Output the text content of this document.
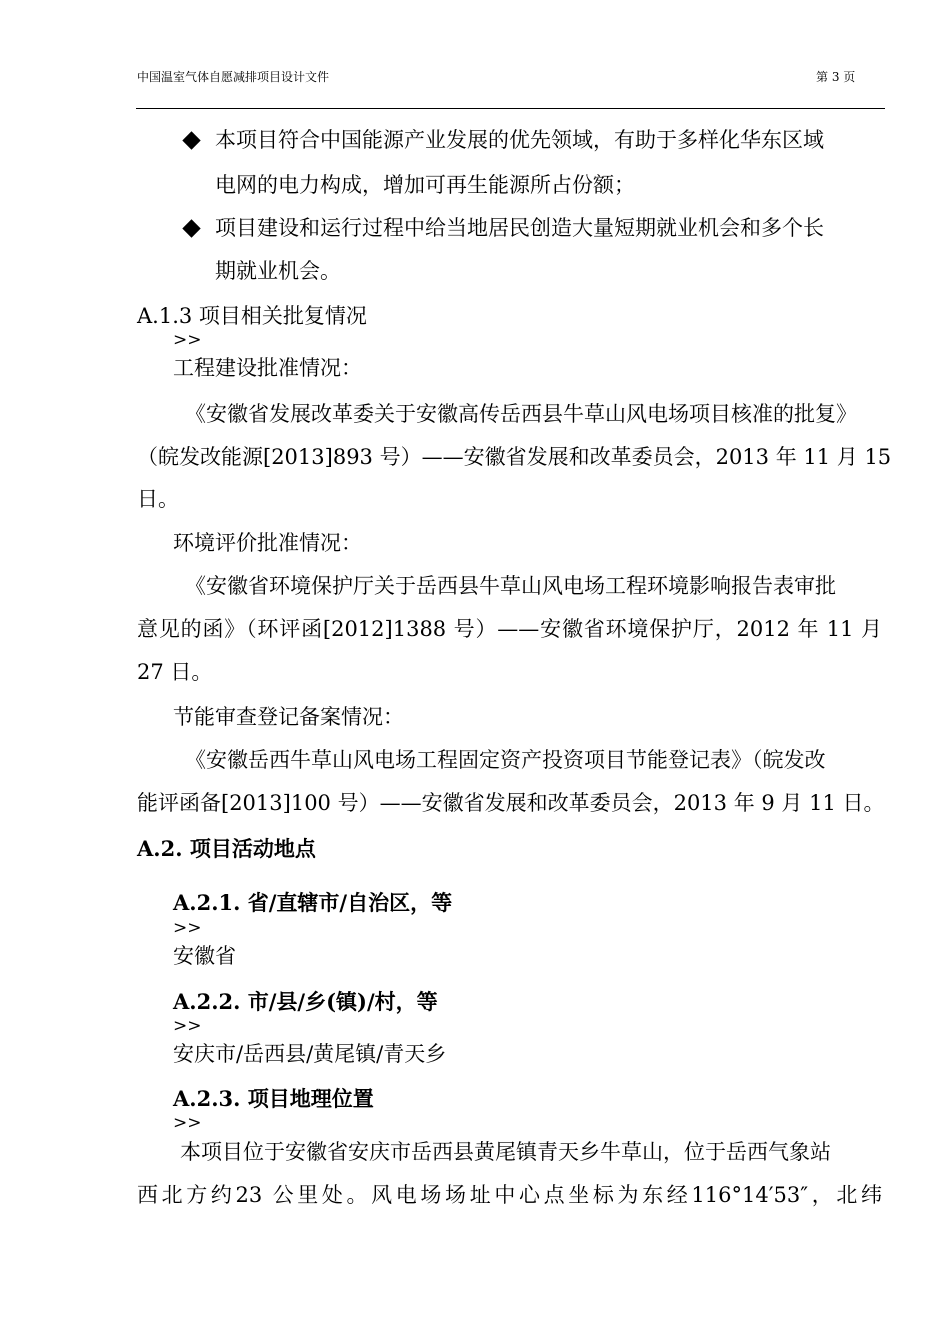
中国温室气体自愿减排项目设计文件	第 3 页
本项目符合中国能源产业发展的优先领域，有助于多样化华东区域
电网的电力构成，增加可再生能源所占份额；
项目建设和运行过程中给当地居民创造大量短期就业机会和多个长
期就业机会。
A.1.3 项目相关批复情况
>>
工程建设批准情况：
《安徽省发展改革委关于安徽高传岳西县牛草山风电场项目核准的批复》
（皖发改能源[2013]893 号）——安徽省发展和改革委员会，2013 年 11 月 15
日。
环境评价批准情况：
《安徽省环境保护厅关于岳西县牛草山风电场工程环境影响报告表审批
意见的函》（环评函[2012]1388 号）——安徽省环境保护厅，2012 年 11 月
27 日。
节能审查登记备案情况：
《安徽岳西牛草山风电场工程固定资产投资项目节能登记表》（皖发改
能评函备[2013]100 号）——安徽省发展和改革委员会，2013 年 9 月 11 日。
A.2. 项目活动地点
A.2.1. 省/直辖市/自治区，等
>>
安徽省
A.2.2. 市/县/乡(镇)/村，等
>>
安庆市/岳西县/黄尾镇/青天乡
A.2.3. 项目地理位置
>>
本项目位于安徽省安庆市岳西县黄尾镇青天乡牛草山，位于岳西气象站
西北方约23 公里处。风电场场址中心点坐标为东经116°14′53″，北纬
